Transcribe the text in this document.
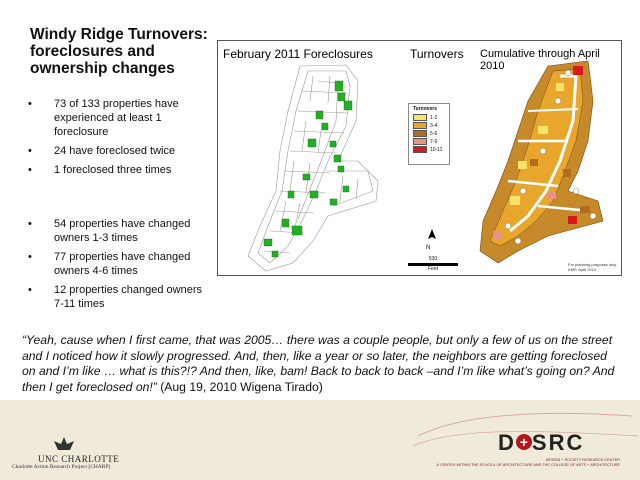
Windy Ridge Turnovers: foreclosures and ownership changes
• 73 of 133 properties have experienced at least 1 foreclosure
• 24 have foreclosed twice
• 1 foreclosed three times
• 54 properties have changed owners 1-3 times
• 77 properties have changed owners 4-6 times
• 12 properties changed owners 7-11 times
February 2011 Foreclosures	Turnovers Cumulative through April 2010
Turnovers
1-2
3-4
5-6
7-9
10-11
N
530
Feet
For planning purposes only.
KMP, April 2012
“Yeah, cause when I first came, that was 2005… there was a couple people, but only a few of us on the street and I noticed how it slowly progressed. And, then, like a year or so later, the neighbors are getting foreclosed on and I’m like … what is this?!? And then, like, bam! Back to back to back –and I’m like what’s going on? And then I get foreclosed on!” (Aug 19, 2010 Wigena Tirado)
UNC CHARLOTTE
Charlotte Action Research Project [CHARP]
D + SRC
DESIGN + SOCIETY RESEARCH CENTER
A CENTER WITHIN THE SCHOOL OF ARCHITECTURE AND THE COLLEGE OF ARTS + ARCHITECTURE
